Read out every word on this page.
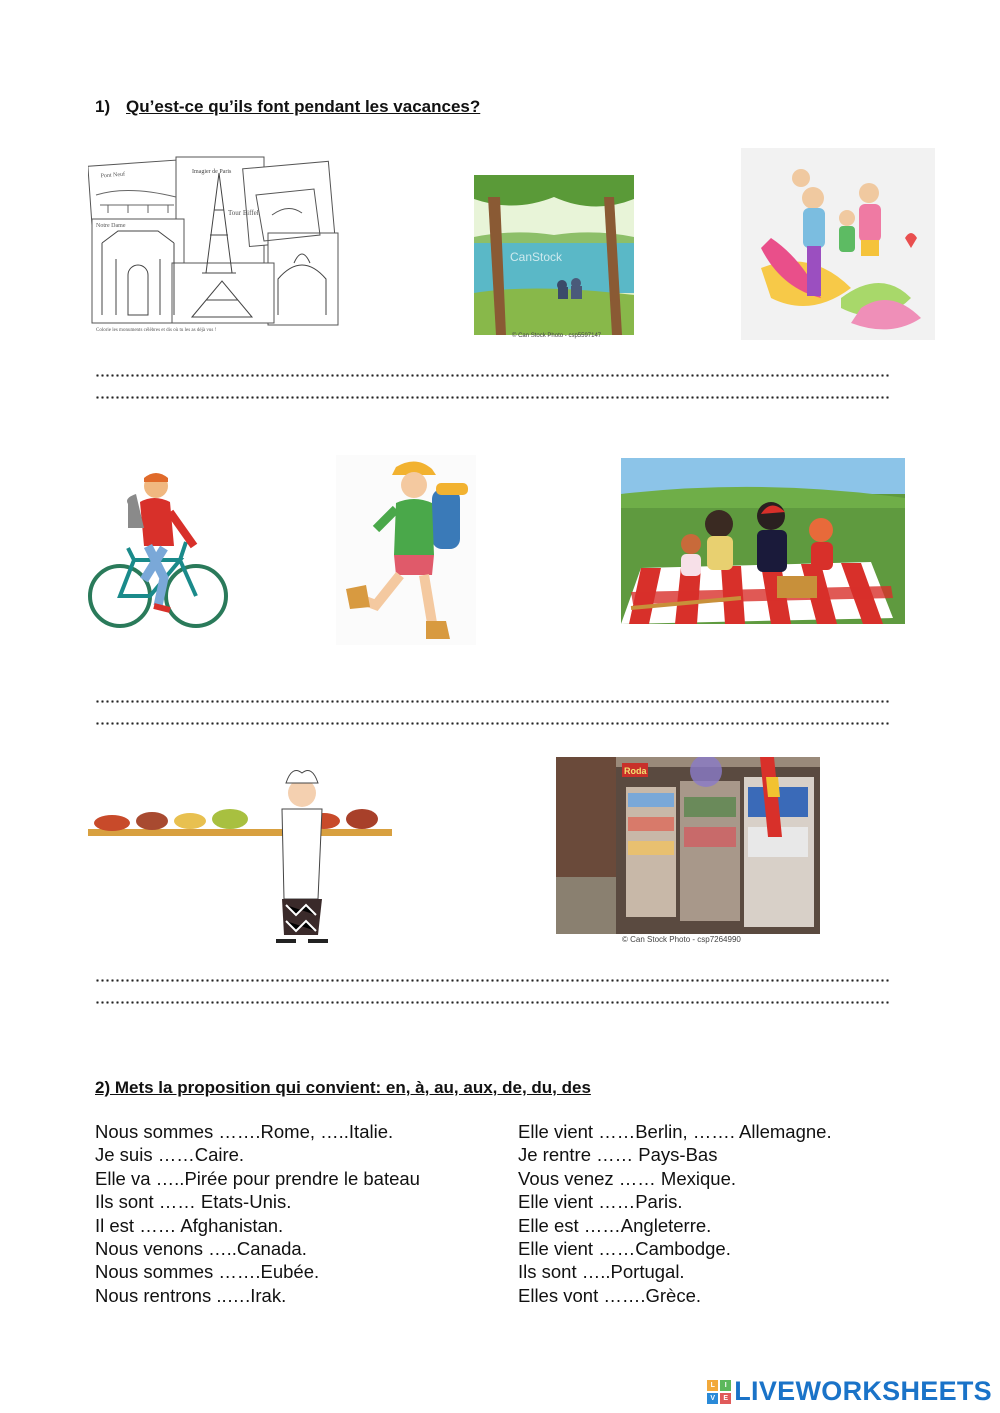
1) Qu’est-ce qu’ils font pendant les vacances?
Imagier de Paris
Pont Neuf
Tour Eiffel
Notre Dame
Colorie les monuments célèbres et dis où tu les as déjà vus !
CanStock
© Can Stock Photo - csp5597147
Roda
© Can Stock Photo - csp7264990
2) Mets la proposition qui convient: en, à, au, aux, de, du, des
Nous sommes …….Rome, …..Italie.
Je suis ……Caire.
Elle va …..Pirée pour prendre le bateau
Ils sont …… Etats-Unis.
Il est …… Afghanistan.
Nous venons …..Canada.
Nous sommes …….Eubée.
Nous rentrons ..….Irak.
Elle vient ……Berlin, ……. Allemagne.
Je rentre …… Pays-Bas
Vous venez …… Mexique.
Elle vient ……Paris.
Elle est ……Angleterre.
Elle vient ……Cambodge.
Ils sont …..Portugal.
Elles vont …….Grèce.
L	I
V	E LIVEWORKSHEETS
